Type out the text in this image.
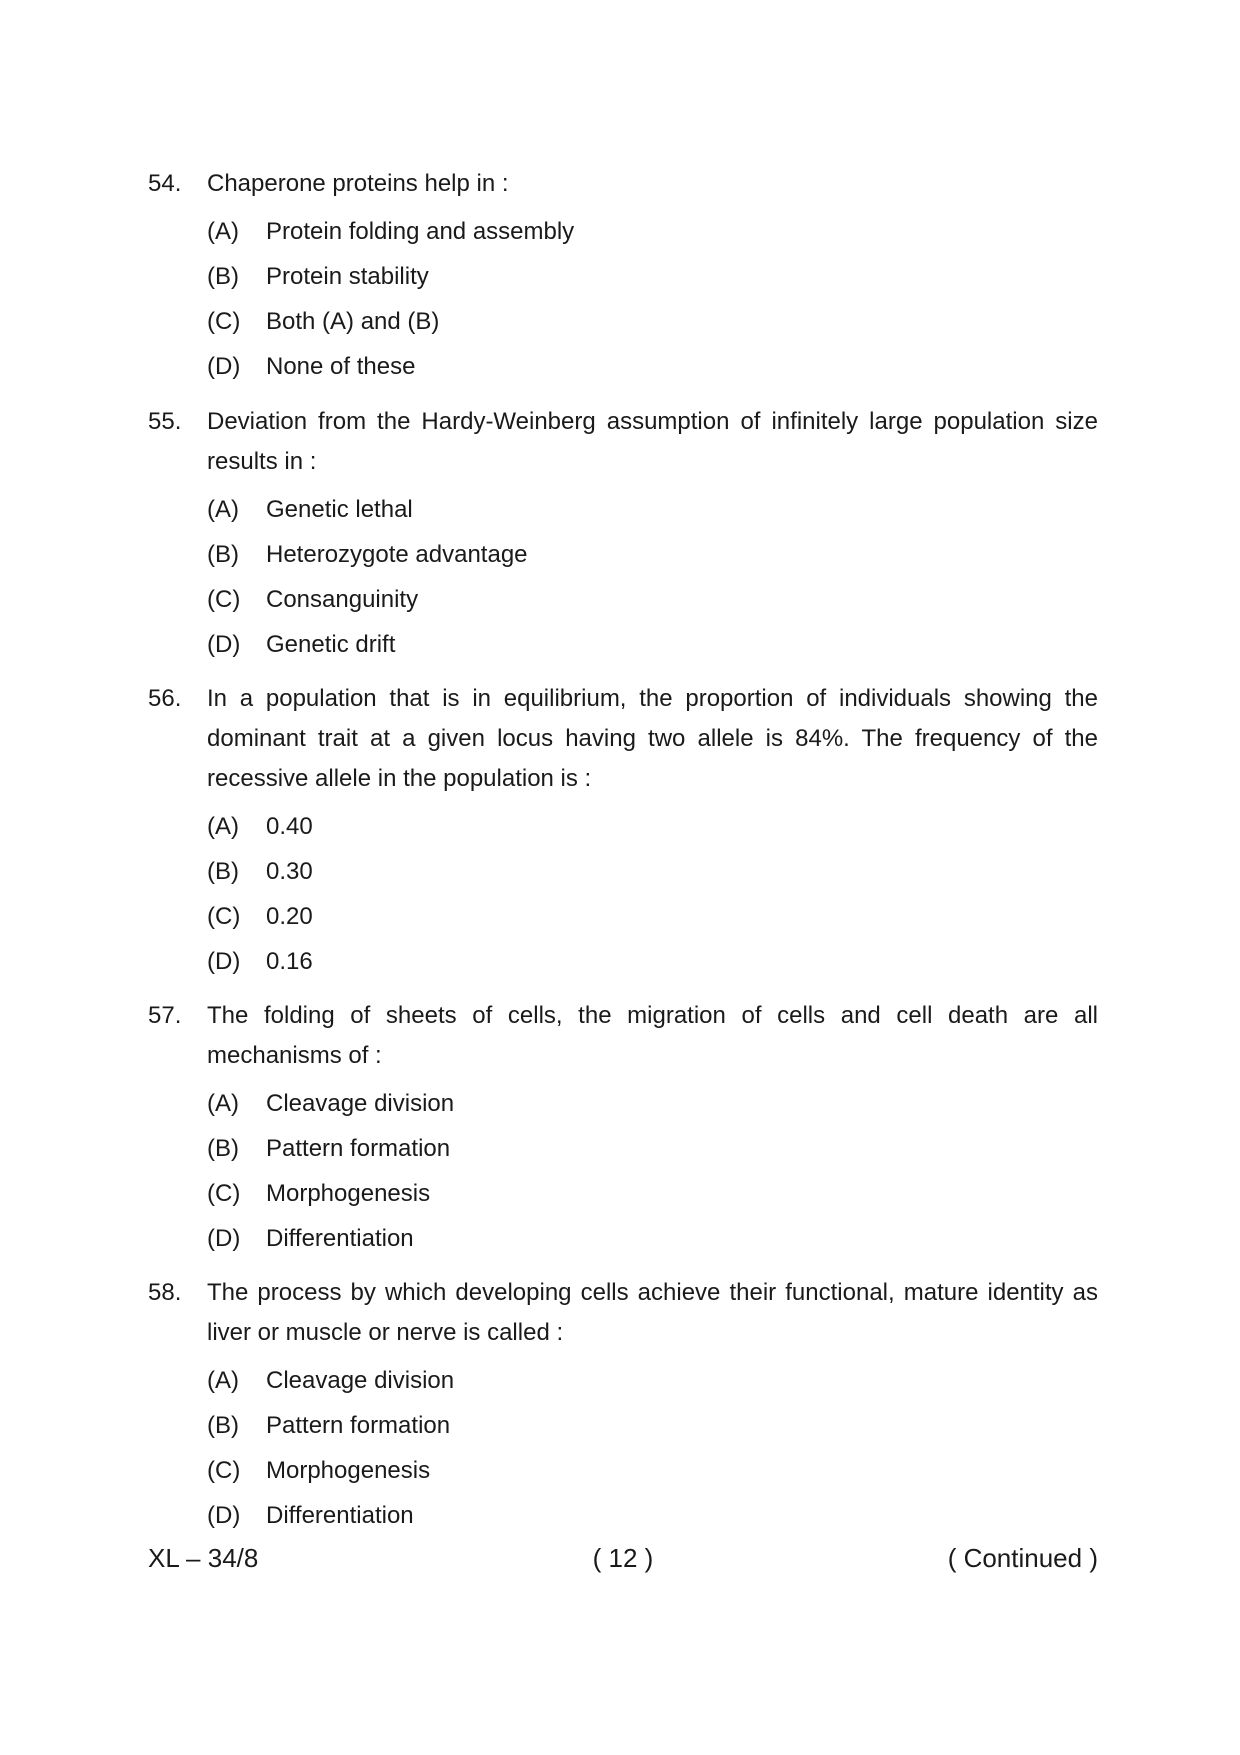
54.	Chaperone proteins help in :
(A)	Protein folding and assembly
(B)	Protein stability
(C)	Both (A) and (B)
(D)	None of these
55.	Deviation from the Hardy-Weinberg assumption of infinitely large population size results in :
(A)	Genetic lethal
(B)	Heterozygote advantage
(C)	Consanguinity
(D)	Genetic drift
56.	In a population that is in equilibrium, the proportion of individuals showing the dominant trait at a given locus having two allele is 84%. The frequency of the recessive allele in the population is :
(A)	0.40
(B)	0.30
(C)	0.20
(D)	0.16
57.	The folding of sheets of cells, the migration of cells and cell death are all mechanisms of :
(A)	Cleavage division
(B)	Pattern formation
(C)	Morphogenesis
(D)	Differentiation
58.	The process by which developing cells achieve their functional, mature identity as liver or muscle or nerve is called :
(A)	Cleavage division
(B)	Pattern formation
(C)	Morphogenesis
(D)	Differentiation
XL – 34/8	( 12 )	( Continued )
